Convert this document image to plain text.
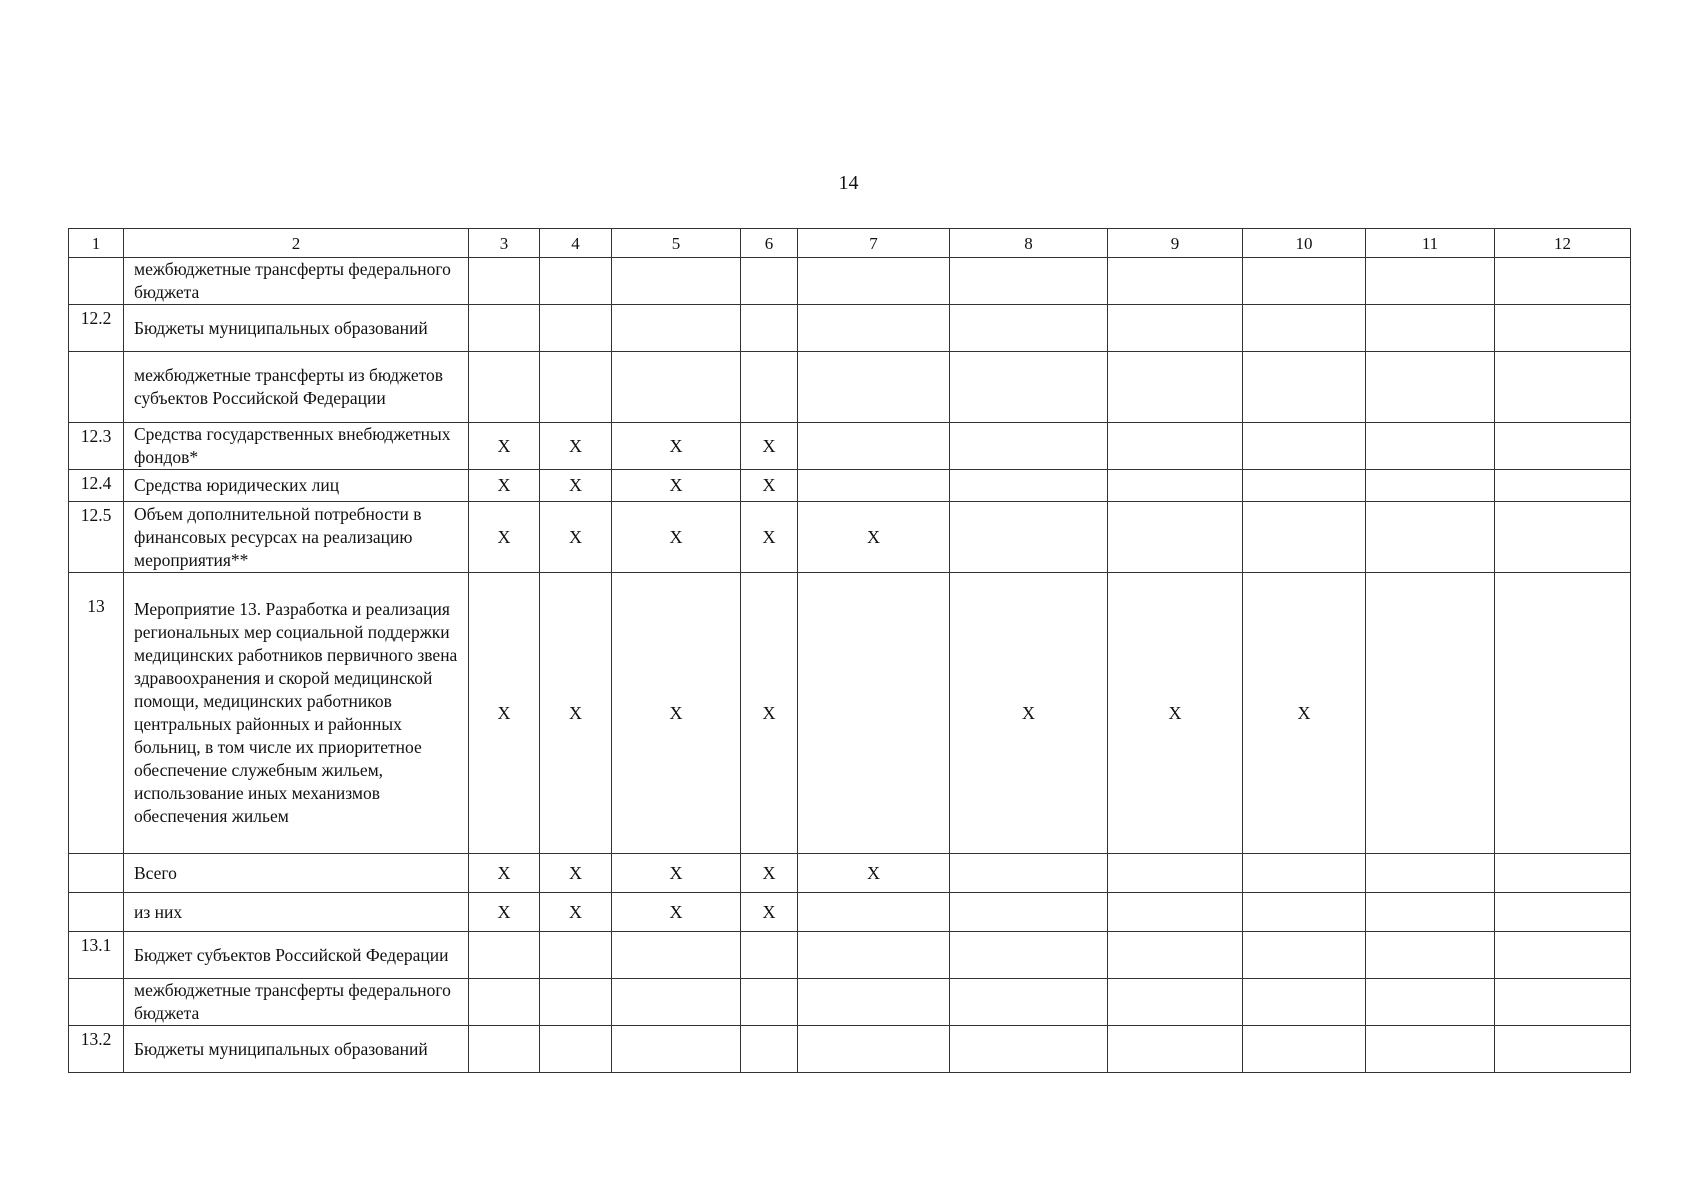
14
1	2	3	4	5	6	7	8	9	10	11	12
	межбюджетные трансферты федерального бюджета										
12.2	Бюджеты муниципальных образований										
	межбюджетные трансферты из бюджетов субъектов Российской Федерации										
12.3	Средства государственных внебюджетных фондов*	X	X	X	X						
12.4	Средства юридических лиц	X	X	X	X						
12.5	Объем дополнительной потребности в финансовых ресурсах на реализацию мероприятия**	X	X	X	X	X					
13	Мероприятие 13. Разработка и реализация региональных мер социальной поддержки медицинских работников первичного звена здравоохранения и скорой медицинской помощи, медицинских работников центральных районных и районных больниц, в том числе их приоритетное обеспечение служебным жильем, использование иных механизмов обеспечения жильем	X	X	X	X		X	X	X		
	Всего	X	X	X	X	X					
	из них	X	X	X	X						
13.1	Бюджет субъектов Российской Федерации										
	межбюджетные трансферты федерального бюджета										
13.2	Бюджеты муниципальных образований										
